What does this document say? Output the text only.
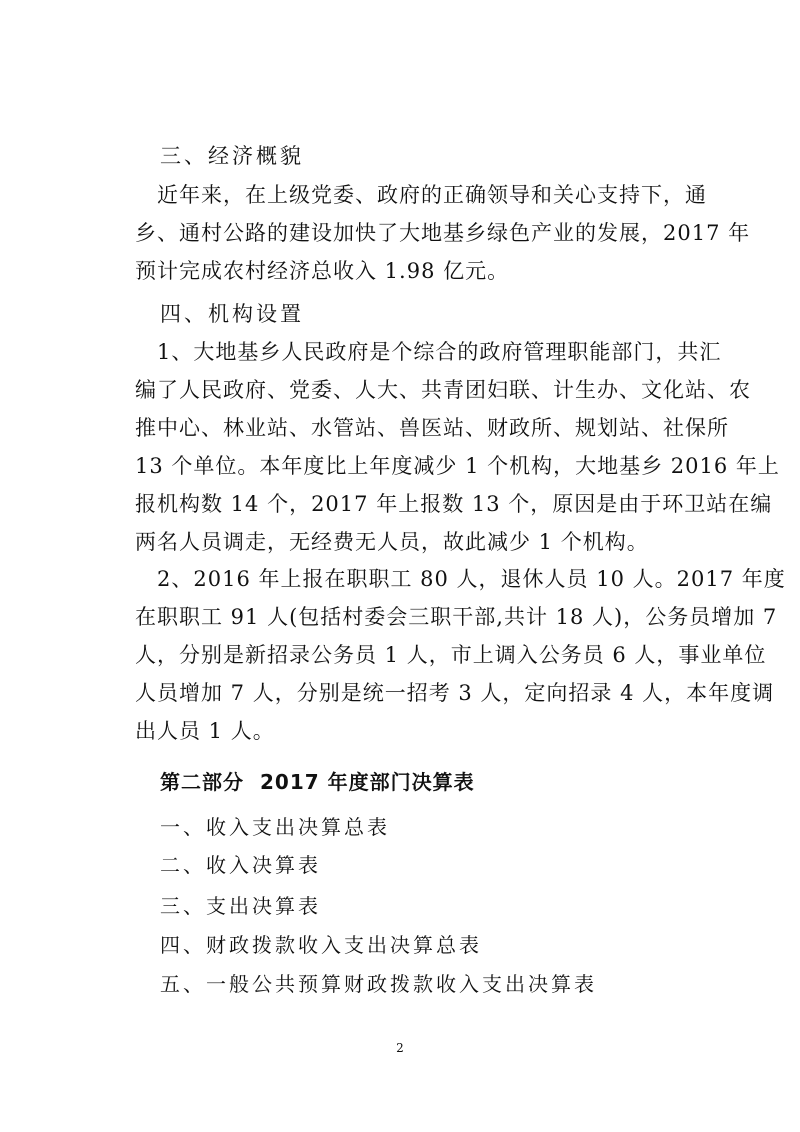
三、经济概貌
　近年来，在上级党委、政府的正确领导和关心支持下，通
乡、通村公路的建设加快了大地基乡绿色产业的发展，2017 年
预计完成农村经济总收入 1.98 亿元。
四、机构设置
　1、大地基乡人民政府是个综合的政府管理职能部门，共汇
编了人民政府、党委、人大、共青团妇联、计生办、文化站、农
推中心、林业站、水管站、兽医站、财政所、规划站、社保所
13 个单位。本年度比上年度减少 1 个机构，大地基乡 2016 年上
报机构数 14 个，2017 年上报数 13 个，原因是由于环卫站在编
两名人员调走，无经费无人员，故此减少 1 个机构。
　2、2016 年上报在职职工 80 人，退休人员 10 人。2017 年度
在职职工 91 人(包括村委会三职干部,共计 18 人)，公务员增加 7
人，分别是新招录公务员 1 人，市上调入公务员 6 人，事业单位
人员增加 7 人，分别是统一招考 3 人，定向招录 4 人，本年度调
出人员 1 人。
第二部分 2017 年度部门决算表
一、收入支出决算总表
二、收入决算表
三、支出决算表
四、财政拨款收入支出决算总表
五、一般公共预算财政拨款收入支出决算表
2
